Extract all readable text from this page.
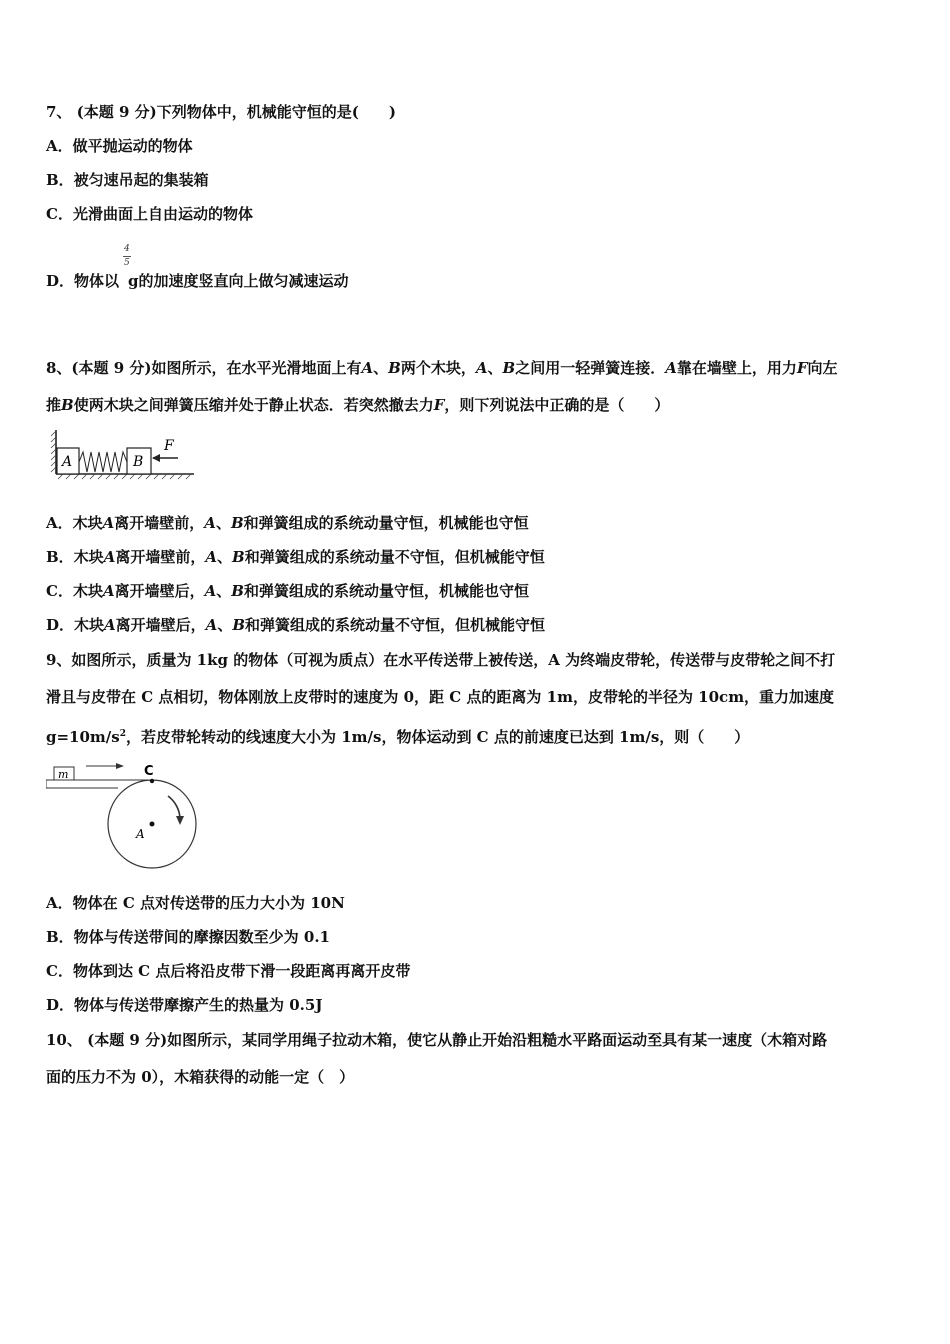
7、 (本题 9 分)下列物体中，机械能守恒的是(　　)
A．做平抛运动的物体
B．被匀速吊起的集装箱
C．光滑曲面上自由运动的物体
D．物体以 g的加速度竖直向上做匀减速运动
4
5
8、(本题 9 分)如图所示，在水平光滑地面上有A、B两个木块，A、B之间用一轻弹簧连接．A靠在墙壁上，用力F向左
推B使两木块之间弹簧压缩并处于静止状态．若突然撤去力F，则下列说法中正确的是（　　）
A	B
F
A．木块A离开墙壁前，A、B和弹簧组成的系统动量守恒，机械能也守恒
B．木块A离开墙壁前，A、B和弹簧组成的系统动量不守恒，但机械能守恒
C．木块A离开墙壁后，A、B和弹簧组成的系统动量守恒，机械能也守恒
D．木块A离开墙壁后，A、B和弹簧组成的系统动量不守恒，但机械能守恒
9、如图所示，质量为 1kg 的物体（可视为质点）在水平传送带上被传送，A 为终端皮带轮，传送带与皮带轮之间不打
滑且与皮带在 C 点相切，物体刚放上皮带时的速度为 0，距 C 点的距离为 1m，皮带轮的半径为 10cm，重力加速度
$g=10m/s^2$，若皮带轮转动的线速度大小为 1m/s，物体运动到 C 点的前速度已达到 1m/s，则（　　）
m	C
A
A．物体在 C 点对传送带的压力大小为 10N
B．物体与传送带间的摩擦因数至少为 0.1
C．物体到达 C 点后将沿皮带下滑一段距离再离开皮带
D．物体与传送带摩擦产生的热量为 0.5J
10、 (本题 9 分)如图所示，某同学用绳子拉动木箱，使它从静止开始沿粗糙水平路面运动至具有某一速度（木箱对路
面的压力不为 0），木箱获得的动能一定（　）
